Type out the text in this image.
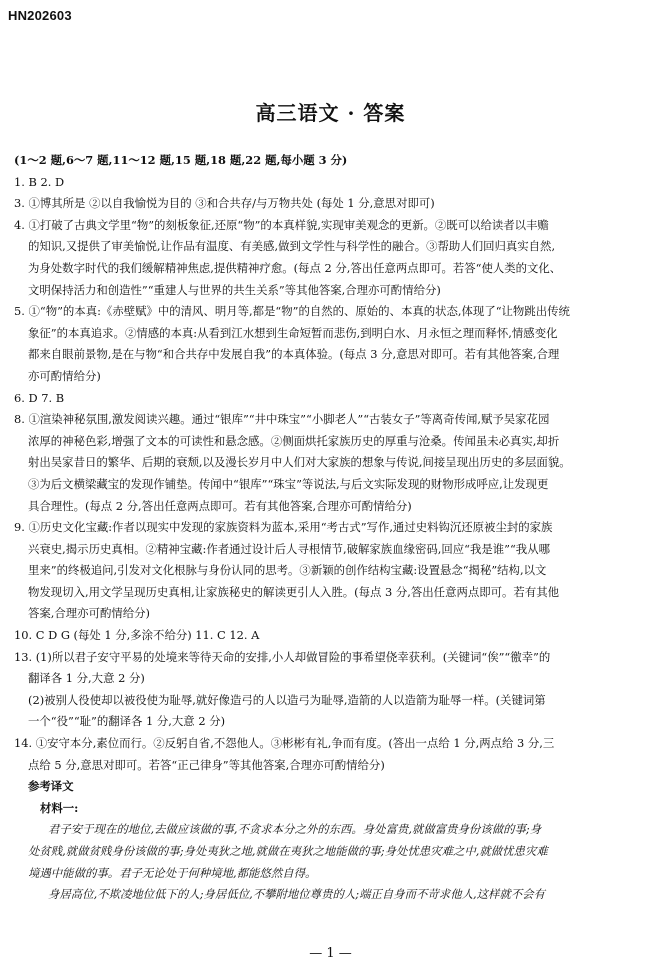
HN202603
高三语文 · 答案
(1～2 题,6～7 题,11～12 题,15 题,18 题,22 题,每小题 3 分)
1. B 2. D
3. ①博其所是 ②以自我愉悦为目的 ③和合共存/与万物共处 (每处 1 分,意思对即可)
4. ①打破了古典文学里“物”的刻板象征,还原“物”的本真样貌,实现审美观念的更新。②既可以给读者以丰赡
的知识,又提供了审美愉悦,让作品有温度、有美感,做到文学性与科学性的融合。③帮助人们回归真实自然,
为身处数字时代的我们缓解精神焦虑,提供精神疗愈。(每点 2 分,答出任意两点即可。若答“使人类的文化、
文明保持活力和创造性”“重建人与世界的共生关系”等其他答案,合理亦可酌情给分)
5. ①“物”的本真:《赤壁赋》中的清风、明月等,都是“物”的自然的、原始的、本真的状态,体现了“让物跳出传统
象征”的本真追求。②情感的本真:从看到江水想到生命短暂而悲伤,到明白水、月永恒之理而释怀,情感变化
都来自眼前景物,是在与物“和合共存中发展自我”的本真体验。(每点 3 分,意思对即可。若有其他答案,合理
亦可酌情给分)
6. D 7. B
8. ①渲染神秘氛围,激发阅读兴趣。通过“银库”“井中珠宝”“小脚老人”“古装女子”等离奇传闻,赋予吴家花园
浓厚的神秘色彩,增强了文本的可读性和悬念感。②侧面烘托家族历史的厚重与沧桑。传闻虽未必真实,却折
射出吴家昔日的繁华、后期的衰颓,以及漫长岁月中人们对大家族的想象与传说,间接呈现出历史的多层面貌。
③为后文横梁藏宝的发现作铺垫。传闻中“银库”“珠宝”等说法,与后文实际发现的财物形成呼应,让发现更
具合理性。(每点 2 分,答出任意两点即可。若有其他答案,合理亦可酌情给分)
9. ①历史文化宝藏:作者以现实中发现的家族资料为蓝本,采用“考古式”写作,通过史料钩沉还原被尘封的家族
兴衰史,揭示历史真相。②精神宝藏:作者通过设计后人寻根情节,破解家族血缘密码,回应“我是谁”“我从哪
里来”的终极追问,引发对文化根脉与身份认同的思考。③新颖的创作结构宝藏:设置悬念“揭秘”结构,以文
物发现切入,用文学呈现历史真相,让家族秘史的解读更引人入胜。(每点 3 分,答出任意两点即可。若有其他
答案,合理亦可酌情给分)
10. C D G (每处 1 分,多涂不给分) 11. C 12. A
13. (1)所以君子安守平易的处境来等待天命的安排,小人却做冒险的事希望侥幸获利。(关键词“俟”“徼幸”的
翻译各 1 分,大意 2 分)
(2)被别人役使却以被役使为耻辱,就好像造弓的人以造弓为耻辱,造箭的人以造箭为耻辱一样。(关键词第
一个“役”“耻”的翻译各 1 分,大意 2 分)
14. ①安守本分,素位而行。②反躬自省,不怨他人。③彬彬有礼,争而有度。(答出一点给 1 分,两点给 3 分,三
点给 5 分,意思对即可。若答“正己律身”等其他答案,合理亦可酌情给分)
参考译文
材料一:
君子安于现在的地位,去做应该做的事,不贪求本分之外的东西。身处富贵,就做富贵身份该做的事;身
处贫贱,就做贫贱身份该做的事;身处夷狄之地,就做在夷狄之地能做的事;身处忧患灾难之中,就做忧患灾难
境遇中能做的事。君子无论处于何种境地,都能悠然自得。
身居高位,不欺凌地位低下的人;身居低位,不攀附地位尊贵的人;端正自身而不苛求他人,这样就不会有
— 1 —
